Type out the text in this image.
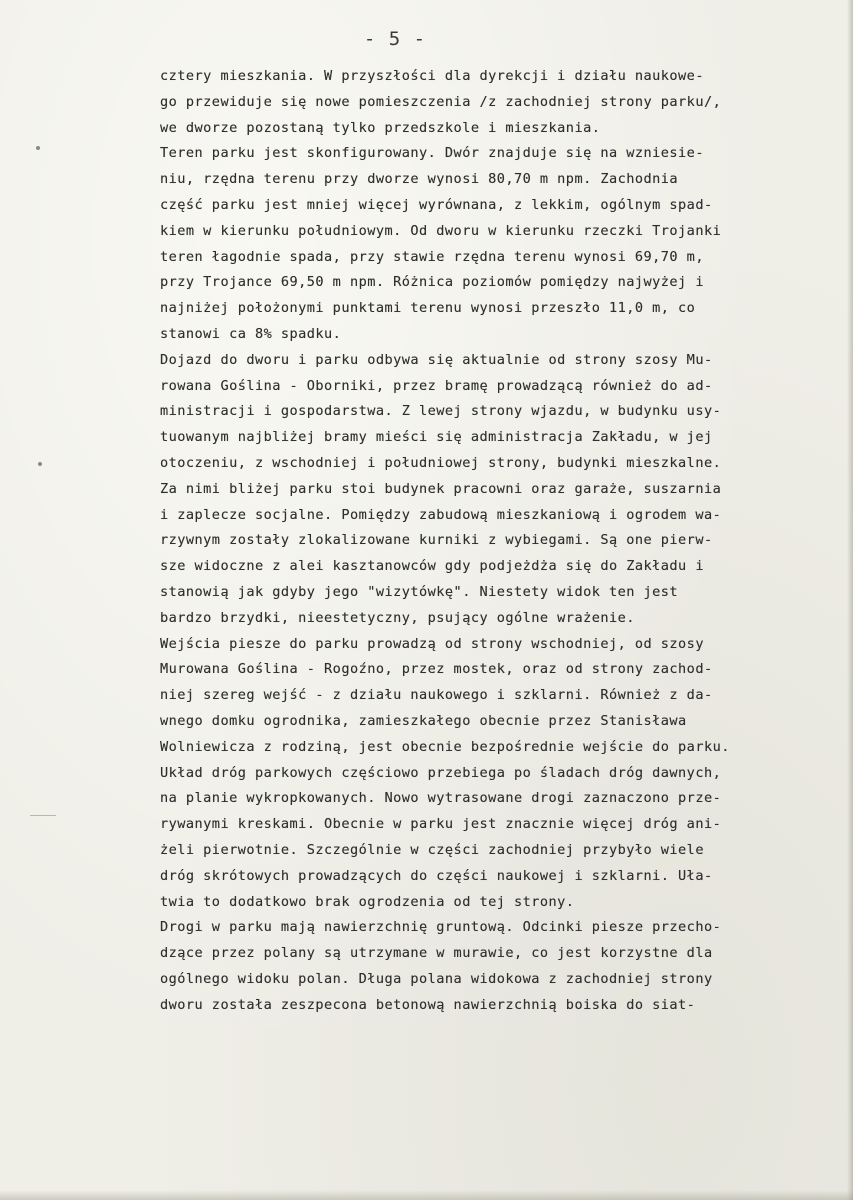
- 5 -
cztery mieszkania. W przyszłości dla dyrekcji i działu naukowe-
go przewiduje się nowe pomieszczenia /z zachodniej strony parku/,
we dworze pozostaną tylko przedszkole i mieszkania.
Teren parku jest skonfigurowany. Dwór znajduje się na wzniesie-
niu, rzędna terenu przy dworze wynosi 80,70 m npm. Zachodnia
część parku jest mniej więcej wyrównana, z lekkim, ogólnym spad-
kiem w kierunku południowym. Od dworu w kierunku rzeczki Trojanki
teren łagodnie spada, przy stawie rzędna terenu wynosi 69,70 m,
przy Trojance 69,50 m npm. Różnica poziomów pomiędzy najwyżej i
najniżej położonymi punktami terenu wynosi przeszło 11,0 m, co
stanowi ca 8% spadku.
Dojazd do dworu i parku odbywa się aktualnie od strony szosy Mu-
rowana Goślina - Oborniki, przez bramę prowadzącą również do ad-
ministracji i gospodarstwa. Z lewej strony wjazdu, w budynku usy-
tuowanym najbliżej bramy mieści się administracja Zakładu, w jej
otoczeniu, z wschodniej i południowej strony, budynki mieszkalne.
Za nimi bliżej parku stoi budynek pracowni oraz garaże, suszarnia
i zaplecze socjalne. Pomiędzy zabudową mieszkaniową i ogrodem wa-
rzywnym zostały zlokalizowane kurniki z wybiegami. Są one pierw-
sze widoczne z alei kasztanowców gdy podjeżdża się do Zakładu i
stanowią jak gdyby jego "wizytówkę". Niestety widok ten jest
bardzo brzydki, nieestetyczny, psujący ogólne wrażenie.
Wejścia piesze do parku prowadzą od strony wschodniej, od szosy
Murowana Goślina - Rogoźno, przez mostek, oraz od strony zachod-
niej szereg wejść - z działu naukowego i szklarni. Również z da-
wnego domku ogrodnika, zamieszkałego obecnie przez Stanisława
Wolniewicza z rodziną, jest obecnie bezpośrednie wejście do parku.
Układ dróg parkowych częściowo przebiega po śladach dróg dawnych,
na planie wykropkowanych. Nowo wytrasowane drogi zaznaczono prze-
rywanymi kreskami. Obecnie w parku jest znacznie więcej dróg ani-
żeli pierwotnie. Szczególnie w części zachodniej przybyło wiele
dróg skrótowych prowadzących do części naukowej i szklarni. Uła-
twia to dodatkowo brak ogrodzenia od tej strony.
Drogi w parku mają nawierzchnię gruntową. Odcinki piesze przecho-
dzące przez polany są utrzymane w murawie, co jest korzystne dla
ogólnego widoku polan. Długa polana widokowa z zachodniej strony
dworu została zeszpecona betonową nawierzchnią boiska do siat-
